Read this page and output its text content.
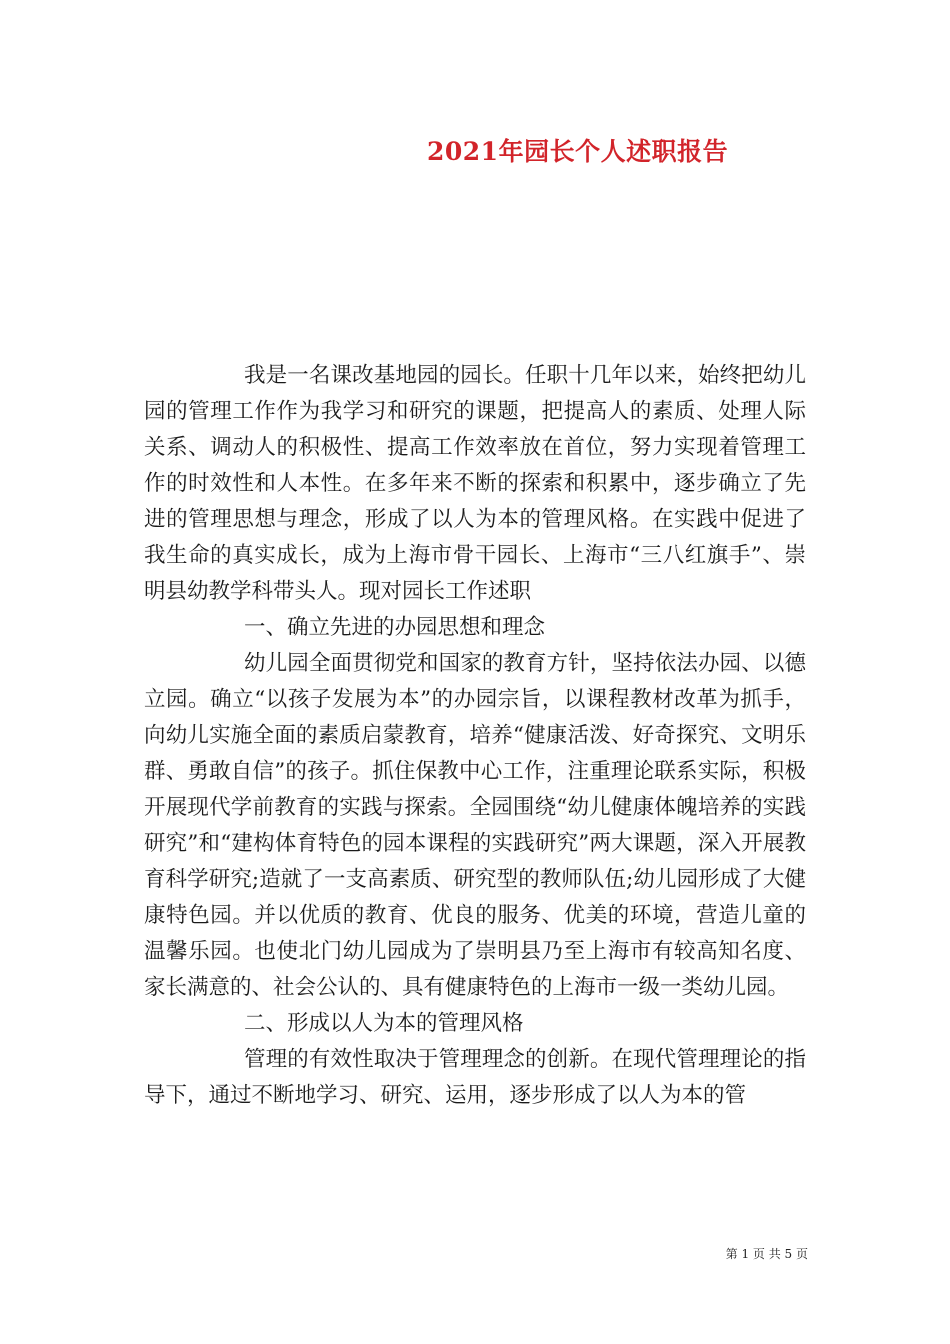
2021年园长个人述职报告

我是一名课改基地园的园长。任职十几年以来，始终把幼儿园的管理工作作为我学习和研究的课题，把提高人的素质、处理人际关系、调动人的积极性、提高工作效率放在首位，努力实现着管理工作的时效性和人本性。在多年来不断的探索和积累中，逐步确立了先进的管理思想与理念，形成了以人为本的管理风格。在实践中促进了我生命的真实成长，成为上海市骨干园长、上海市“三八红旗手”、崇明县幼教学科带头人。现对园长工作述职

一、确立先进的办园思想和理念

幼儿园全面贯彻党和国家的教育方针，坚持依法办园、以德立园。确立“以孩子发展为本”的办园宗旨，以课程教材改革为抓手，向幼儿实施全面的素质启蒙教育，培养“健康活泼、好奇探究、文明乐群、勇敢自信”的孩子。抓住保教中心工作，注重理论联系实际，积极开展现代学前教育的实践与探索。全园围绕“幼儿健康体魄培养的实践研究”和“建构体育特色的园本课程的实践研究”两大课题，深入开展教育科学研究;造就了一支高素质、研究型的教师队伍;幼儿园形成了大健康特色园。并以优质的教育、优良的服务、优美的环境，营造儿童的温馨乐园。也使北门幼儿园成为了崇明县乃至上海市有较高知名度、家长满意的、社会公认的、具有健康特色的上海市一级一类幼儿园。

二、形成以人为本的管理风格

管理的有效性取决于管理理念的创新。在现代管理理论的指导下，通过不断地学习、研究、运用，逐步形成了以人为本的管

第 1 页 共 5 页
